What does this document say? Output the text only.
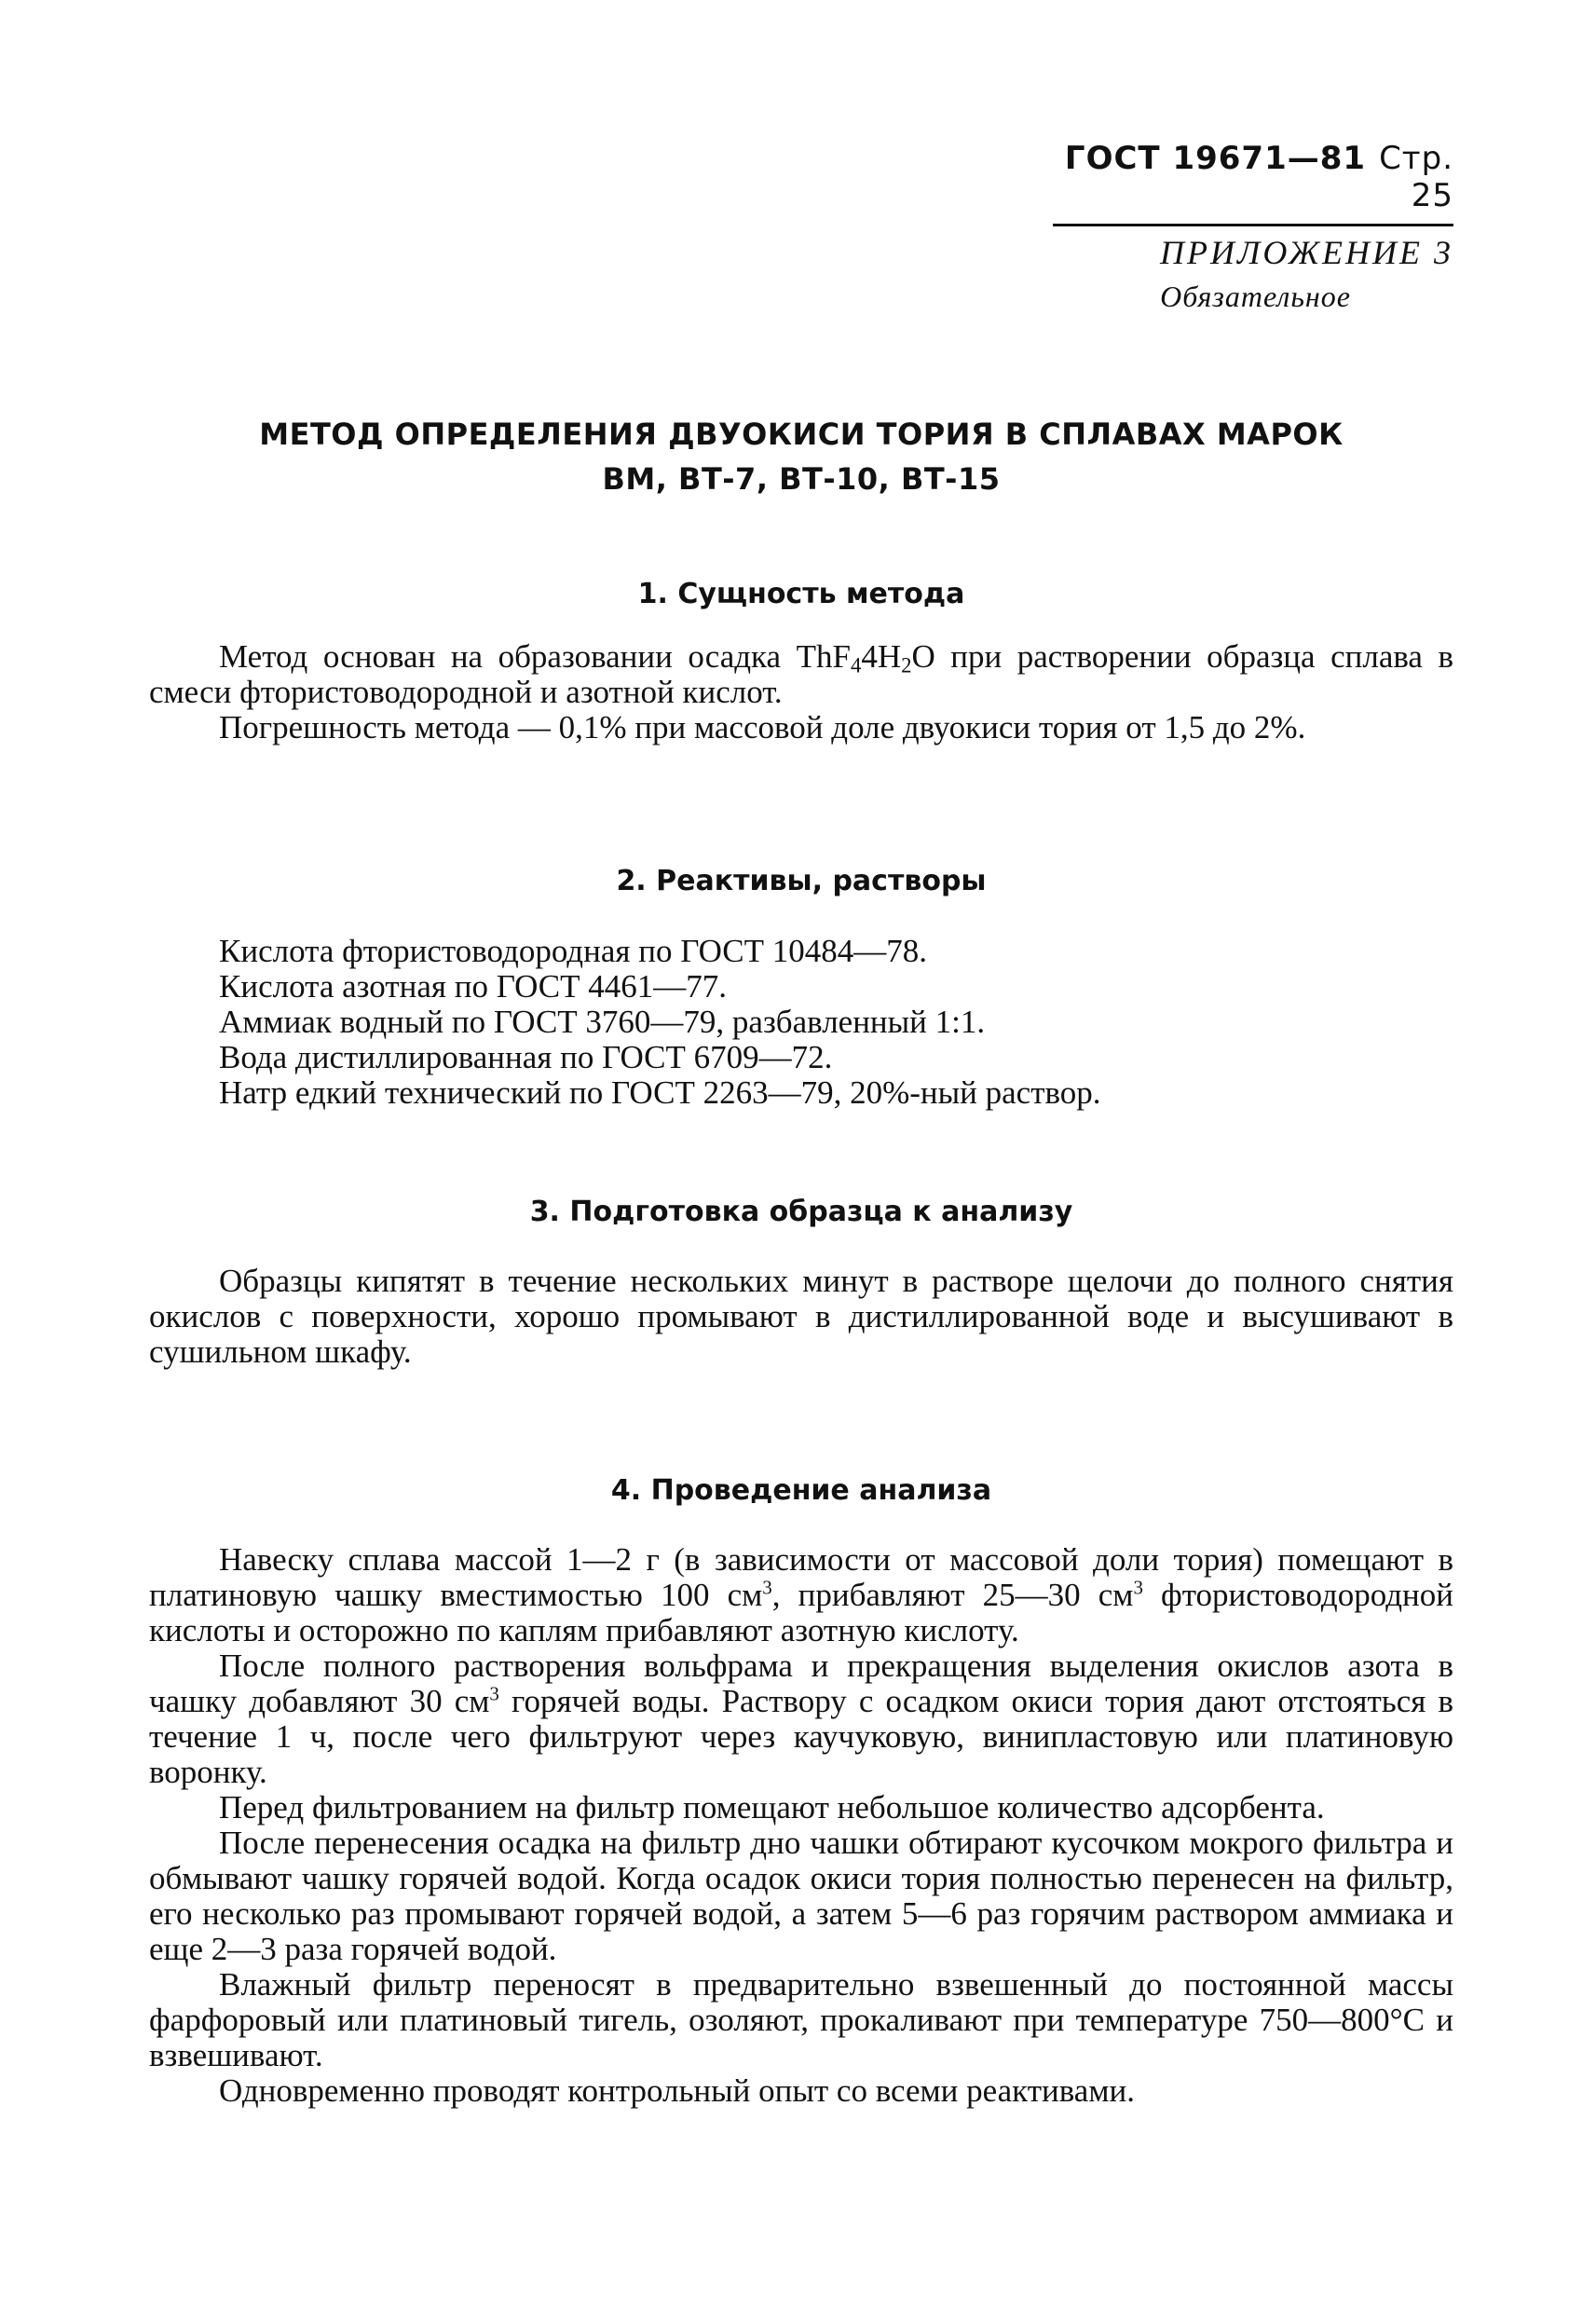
ГОСТ 19671—81 Стр. 25
ПРИЛОЖЕНИЕ 3
Обязательное
МЕТОД ОПРЕДЕЛЕНИЯ ДВУОКИСИ ТОРИЯ В СПЛАВАХ МАРОК
ВМ, ВТ-7, ВТ-10, ВТ-15
1. Сущность метода

Метод основан на образовании осадка $ThF_44H_2O$ при растворении образца сплава в смеси фтористоводородной и азотной кислот.

Погрешность метода — 0,1% при массовой доле двуокиси тория от 1,5 до 2%.

2. Реактивы, растворы
Кислота фтористоводородная по ГОСТ 10484—78.
Кислота азотная по ГОСТ 4461—77.
Аммиак водный по ГОСТ 3760—79, разбавленный 1:1.
Вода дистиллированная по ГОСТ 6709—72.
Натр едкий технический по ГОСТ 2263—79, 20%-ный раствор.
3. Подготовка образца к анализу

Образцы кипятят в течение нескольких минут в растворе щелочи до полного снятия окислов с поверхности, хорошо промывают в дистиллированной воде и высушивают в сушильном шкафу.

4. Проведение анализа

Навеску сплава массой 1—2 г (в зависимости от массовой доли тория) помещают в платиновую чашку вместимостью 100 $см^3$, прибавляют 25—30 $см^3$ фтористоводородной кислоты и осторожно по каплям прибавляют азотную кислоту.

После полного растворения вольфрама и прекращения выделения окислов азота в чашку добавляют 30 $см^3$ горячей воды. Раствору с осадком окиси тория дают отстояться в течение 1 ч, после чего фильтруют через каучуковую, винипластовую или платиновую воронку.

Перед фильтрованием на фильтр помещают небольшое количество адсорбента.

После перенесения осадка на фильтр дно чашки обтирают кусочком мокрого фильтра и обмывают чашку горячей водой. Когда осадок окиси тория полностью перенесен на фильтр, его несколько раз промывают горячей водой, а затем 5—6 раз горячим раствором аммиака и еще 2—3 раза горячей водой.

Влажный фильтр переносят в предварительно взвешенный до постоянной массы фарфоровый или платиновый тигель, озоляют, прокаливают при температуре 750—800°С и взвешивают.

Одновременно проводят контрольный опыт со всеми реактивами.
